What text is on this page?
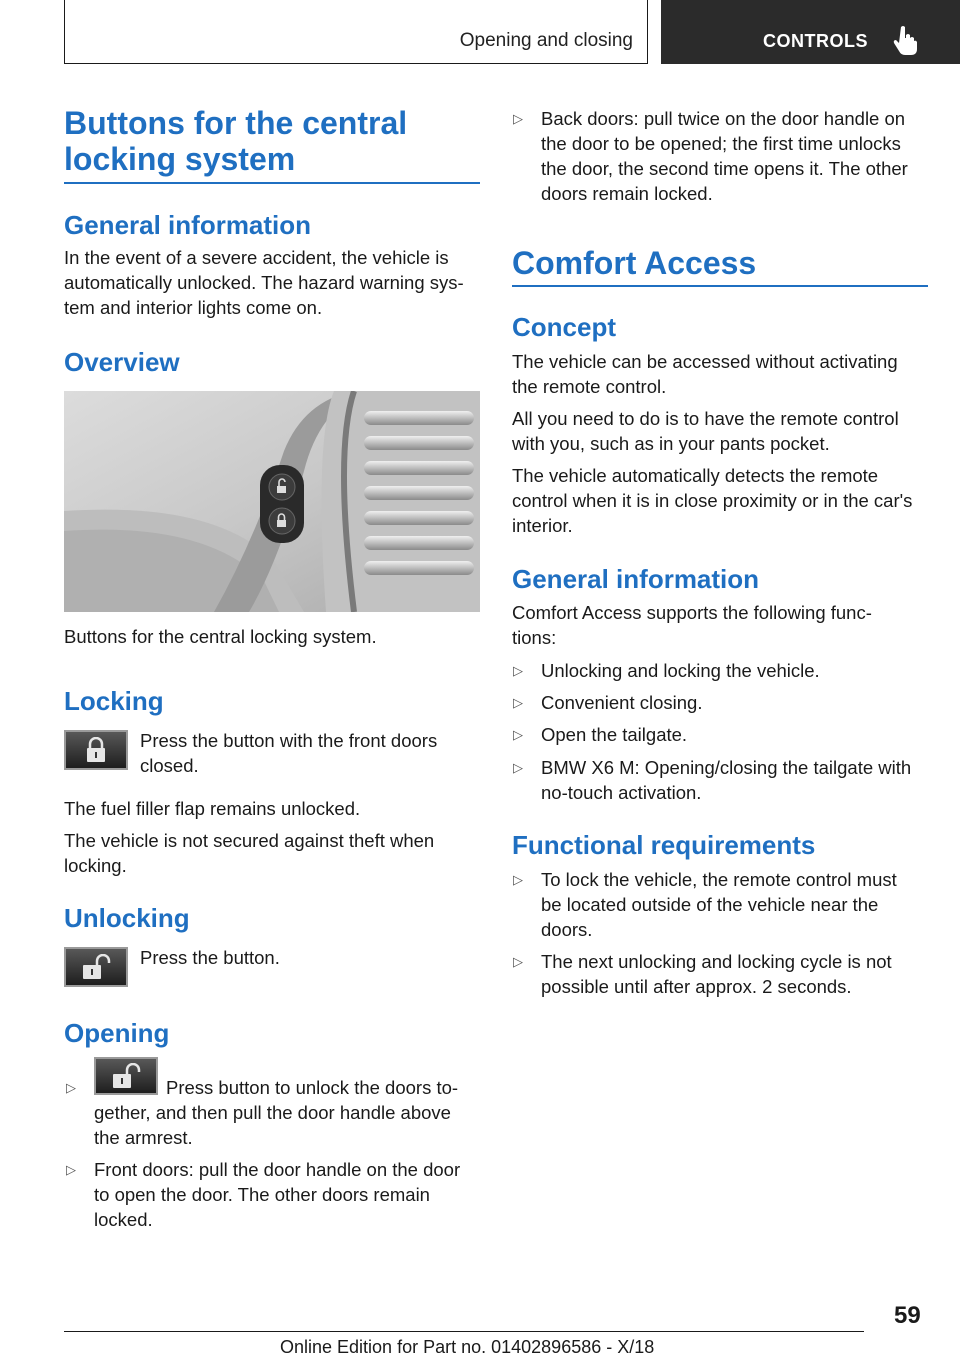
Opening and closing	CONTROLS
Buttons for the central
locking system
General information
In the event of a severe accident, the vehicle is
automatically unlocked. The hazard warning sys-
tem and interior lights come on.
Overview
Buttons for the central locking system.
Locking
Press the button with the front doors
closed.
The fuel filler flap remains unlocked.
The vehicle is not secured against theft when
locking.
Unlocking
Press the button.
Opening
▷	Press button to unlock the doors to-
gether, and then pull the door handle above
the armrest.
▷ Front doors: pull the door handle on the door
to open the door. The other doors remain
locked.
▷ Back doors: pull twice on the door handle on
the door to be opened; the first time unlocks
the door, the second time opens it. The other
doors remain locked.
Comfort Access
Concept
The vehicle can be accessed without activating
the remote control.
All you need to do is to have the remote control
with you, such as in your pants pocket.
The vehicle automatically detects the remote
control when it is in close proximity or in the car's
interior.
General information
Comfort Access supports the following func-
tions:
▷ Unlocking and locking the vehicle.
▷ Convenient closing.
▷ Open the tailgate.
▷ BMW X6 M: Opening/closing the tailgate with
no-touch activation.
Functional requirements
▷ To lock the vehicle, the remote control must
be located outside of the vehicle near the
doors.
▷ The next unlocking and locking cycle is not
possible until after approx. 2 seconds.
59
Online Edition for Part no. 01402896586 - X/18
